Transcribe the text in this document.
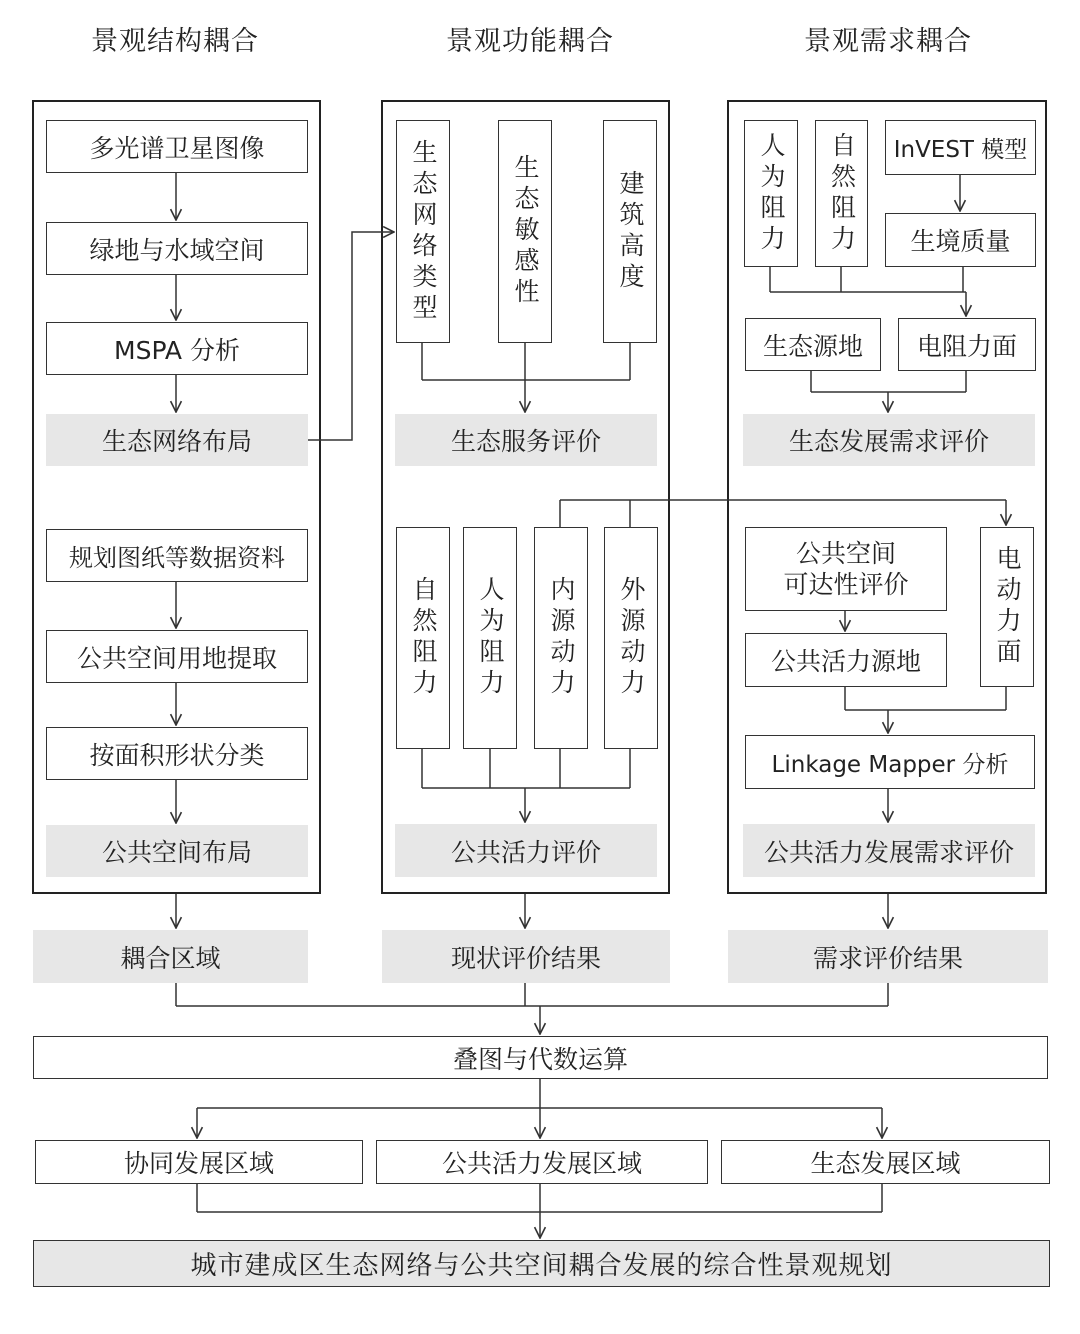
景观结构耦合	景观功能耦合	景观需求耦合
多光谱卫星图像
绿地与水域空间
MSPA 分析
生态网络布局
规划图纸等数据资料
公共空间用地提取
按面积形状分类
公共空间布局
生态网络类型	生态敏感性	建筑高度
生态服务评价
自然阻力	人为阻力	内源动力	外源动力
公共活力评价
人为阻力	自然阻力	InVEST 模型
生境质量
生态源地	电阻力面
生态发展需求评价
公共空间
可达性评价
公共活力源地	电动力面
Linkage Mapper 分析
公共活力发展需求评价
耦合区域	现状评价结果	需求评价结果
叠图与代数运算
协同发展区域	公共活力发展区域	生态发展区域
城市建成区生态网络与公共空间耦合发展的综合性景观规划
